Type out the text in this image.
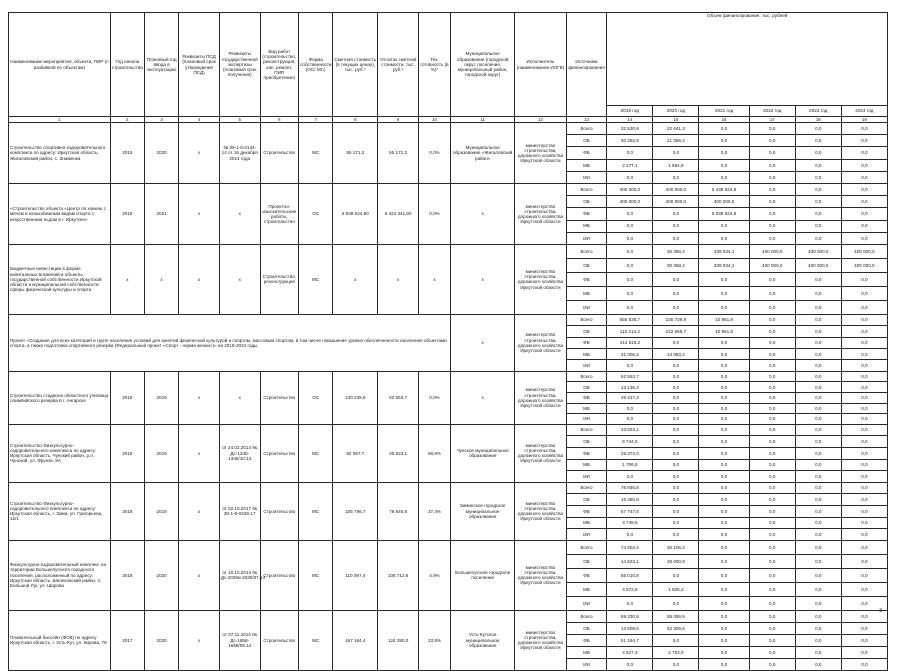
Наименование мероприятия, объекта, ПИР (с разбивкой по объектам)	Год начала строительства	Плановый год ввода в эксплуатацию	Реквизиты ПСД (плановый срок утверждения ПСД)	Реквизиты государственной экспертизы (плановый срок получения)	Вид работ (строительство, реконструкция, кап. ремонт, ПИР, приобретение)	Форма собственности (ОС/ МС)	Сметная стоимость (в текущих ценах), тыс. руб.*	Остаток сметной стоимости, тыс. руб.*	Тех. готовность (в %)*	Муниципальное образование (городской округ, поселение, муниципальный район, городской округ)	Исполнитель (наименование ИОГВ)	Источники финансирования	Объем финансирования, тыс. рублей					
													2019 год	2020 год	2021 год	2022 год	2023 год	2024 год
1	2	3	4	5	6	7	8	9	10	11	12	13	14	15	16	17	18	19
Строительство спортивно-оздоровительного комплекса по адресу: Иркутская область, Жигаловский район, с. Знаменка	2019	2020	х	№ 38-1-6-0134-14 от 16 декабря 2014 года	Строительство	МС	55 171,3	55 171,3	0,0%	Муниципальное образование «Жигаловский район»	министерство строительства, дорожного хозяйства Иркутской области	Всего	32 530,9	22 641,3	0,0	0,0	0,0	0,0
												ОБ	30 252,9	21 056,4	0,0	0,0	0,0	0,0
												ФБ	0,0	0,0	0,0	0,0	0,0	0,0
												МБ	2 277,1	1 584,9	0,0	0,0	0,0	0,0
												ИИ	0,0	0,0	0,0	0,0	0,0	0,0
«Строительство объекта «Центр по хоккею с мячом и конькобежным видам спорта с искусственным льдом в г. Иркутске»	2018	2021	х	х	Проектно-изыскательские работы, строительство	ОС	6 638 624,80	6 424 341,80	0,0%	х	министерство строительства, дорожного хозяйства Иркутской области	Всего	400 000,0	400 000,0	5 438 624,8	0,0	0,0	0,0
												ОБ	400 000,0	400 000,0	400 000,0	0,0	0,0	0,0
												ФБ	0,0	0,0	5 038 624,8	0,0	0,0	0,0
												МБ	0,0	0,0	0,0	0,0	0,0	0,0
												ИИ	0,0	0,0	0,0	0,0	0,0	0,0
Бюджетные инвестиции в форме капитальных вложений в объекты государственной собственности Иркутской области и муниципальной собственности сферы физической культуры и спорта	х	х	х	х	Строительство, реконструкция	МС	х	х	х	х	министерство строительства, дорожного хозяйства Иркутской области	Всего	0,0	30 368,4	339 034,1	400 000,0	400 000,0	400 000,0
												ОБ	0,0	30 368,4	339 034,1	400 000,0	400 000,0	400 000,0
												ФБ	0,0	0,0	0,0	0,0	0,0	0,0
												МБ	0,0	0,0	0,0	0,0	0,0	0,0
												ИИ	0,0	0,0	0,0	0,0	0,0	0,0
Проект «Создание для всех категорий и групп населения условий для занятий физической культурой и спортом, массовым спортом, в том числе повышение уровня обеспеченности населения объектами спорта, а также подготовка спортивного резерва (Федеральный проект «Спорт - норма жизни»)» на 2019-2024 годы										х	министерство строительства, дорожного хозяйства Иркутской области	Всего	555 835,7	235 739,9	10 961,8	0,0	0,0	0,0
												ОБ	110 214,2	222 656,7	10 961,8	0,0	0,0	0,0
												ФБ	414 615,2	0,0	0,0	0,0	0,0	0,0
												МБ	31 006,3	13 083,2	0,0	0,0	0,0	0,0
												ИИ	0,0	0,0	0,0	0,0	0,0	0,0
Строительство стадиона областного училища олимпийского резерва в г. Ангарске	2018	2019	х	х	Строительство	ОС	130 239,6	62 553,7	0,0%	х	министерство строительства, дорожного хозяйства Иркутской области	Всего	62 553,7	0,0	0,0	0,0	0,0	0,0
												ОБ	13 136,3	0,0	0,0	0,0	0,0	0,0
												ФБ	49 417,4	0,0	0,0	0,0	0,0	0,0
												МБ	0,0	0,0	0,0	0,0	0,0	0,0
												ИИ	0,0	0,0	0,0	0,0	0,0	0,0
Строительство Физкультурно-оздоровительного комплекса по адресу: Иркутская область, Чунский район, р.п. Чунский, ул. Фрунзе, 9А	2018	2019	х	от 24.02.2014 № Дс-1345-1345/10.13	Строительство	МС	82 097,7	35 823,1	58,8%	Чунское муниципальное образование	министерство строительства, дорожного хозяйства Иркутской области	Всего	33 823,1	0,0	0,0	0,0	0,0	0,0
												ОБ	6 744,5	0,0	0,0	0,0	0,0	0,0
												ФБ	25 372,0	0,0	0,0	0,0	0,0	0,0
												МБ	1 706,6	0,0	0,0	0,0	0,0	0,0
												ИИ	0,0	0,0	0,0	0,0	0,0	0,0
Строительство Физкультурно-оздоровительного комплекса по адресу: Иркутская область, г. Зима, ул. Григорьева, 12/1	2018	2019	х	от 02.10.2017 № 38-1-6-0348-17	Строительство	МС	105 796,7	76 846,8	27,4%	Зиминское городское муниципальное образование	министерство строительства, дорожного хозяйства Иркутской области	Всего	76 846,8	0,0	0,0	0,0	0,0	0,0
												ОБ	15 350,6	0,0	0,0	0,0	0,0	0,0
												ФБ	57 747,6	0,0	0,0	0,0	0,0	0,0
												МБ	3 748,6	0,0	0,0	0,0	0,0	0,0
												ИИ	0,0	0,0	0,0	0,0	0,0	0,0
Физкультурно-оздоровительный комплекс на территории Большелугского городского поселения, расположенный по адресу: Иркутская область, Шелеховский район, п. Большой Луг, ул. Шарова	2018	2020	х	от 10.10.2014 № Дс-2030и-2030/07.14	Строительство	МС	110 097,4	106 712,6	4,9%	Большелугское городское поселение	министерство строительства, дорожного хозяйства Иркутской области	Всего	74 603,4	30 106,2	0,0	0,0	0,0	0,0
												ОБ	14 623,1	28 600,9	0,0	0,0	0,0	0,0
												ФБ	55 010,8	0,0	0,0	0,0	0,0	0,0
												МБ	4 972,5	1 505,3	0,0	0,0	0,0	0,0
												ИИ	0,0	0,0	0,0	0,0	0,0	0,0
Плавательный бассейн (ФОК) по адресу Иркутская область, г. Усть-Кут, ул. Кирова, 78	2017	2020	х	от 07.11.2014 № Дс-1658-1658/09.14	Строительство	МС	167 164,4	124 390,0	23,8%	Усть-Кутское муниципальное образование	министерство строительства, дорожного хозяйства Иркутской области	Всего	69 330,5	55 059,5	0,0	0,0	0,0	0,0
												ОБ	13 608,5	52 306,5	0,0	0,0	0,0	0,0
												ФБ	51 194,7	0,0	0,0	0,0	0,0	0,0
												МБ	4 527,3	2 753,0	0,0	0,0	0,0	0,0
												ИИ	0,0	0,0	0,0	0,0	0,0	0,0
3
